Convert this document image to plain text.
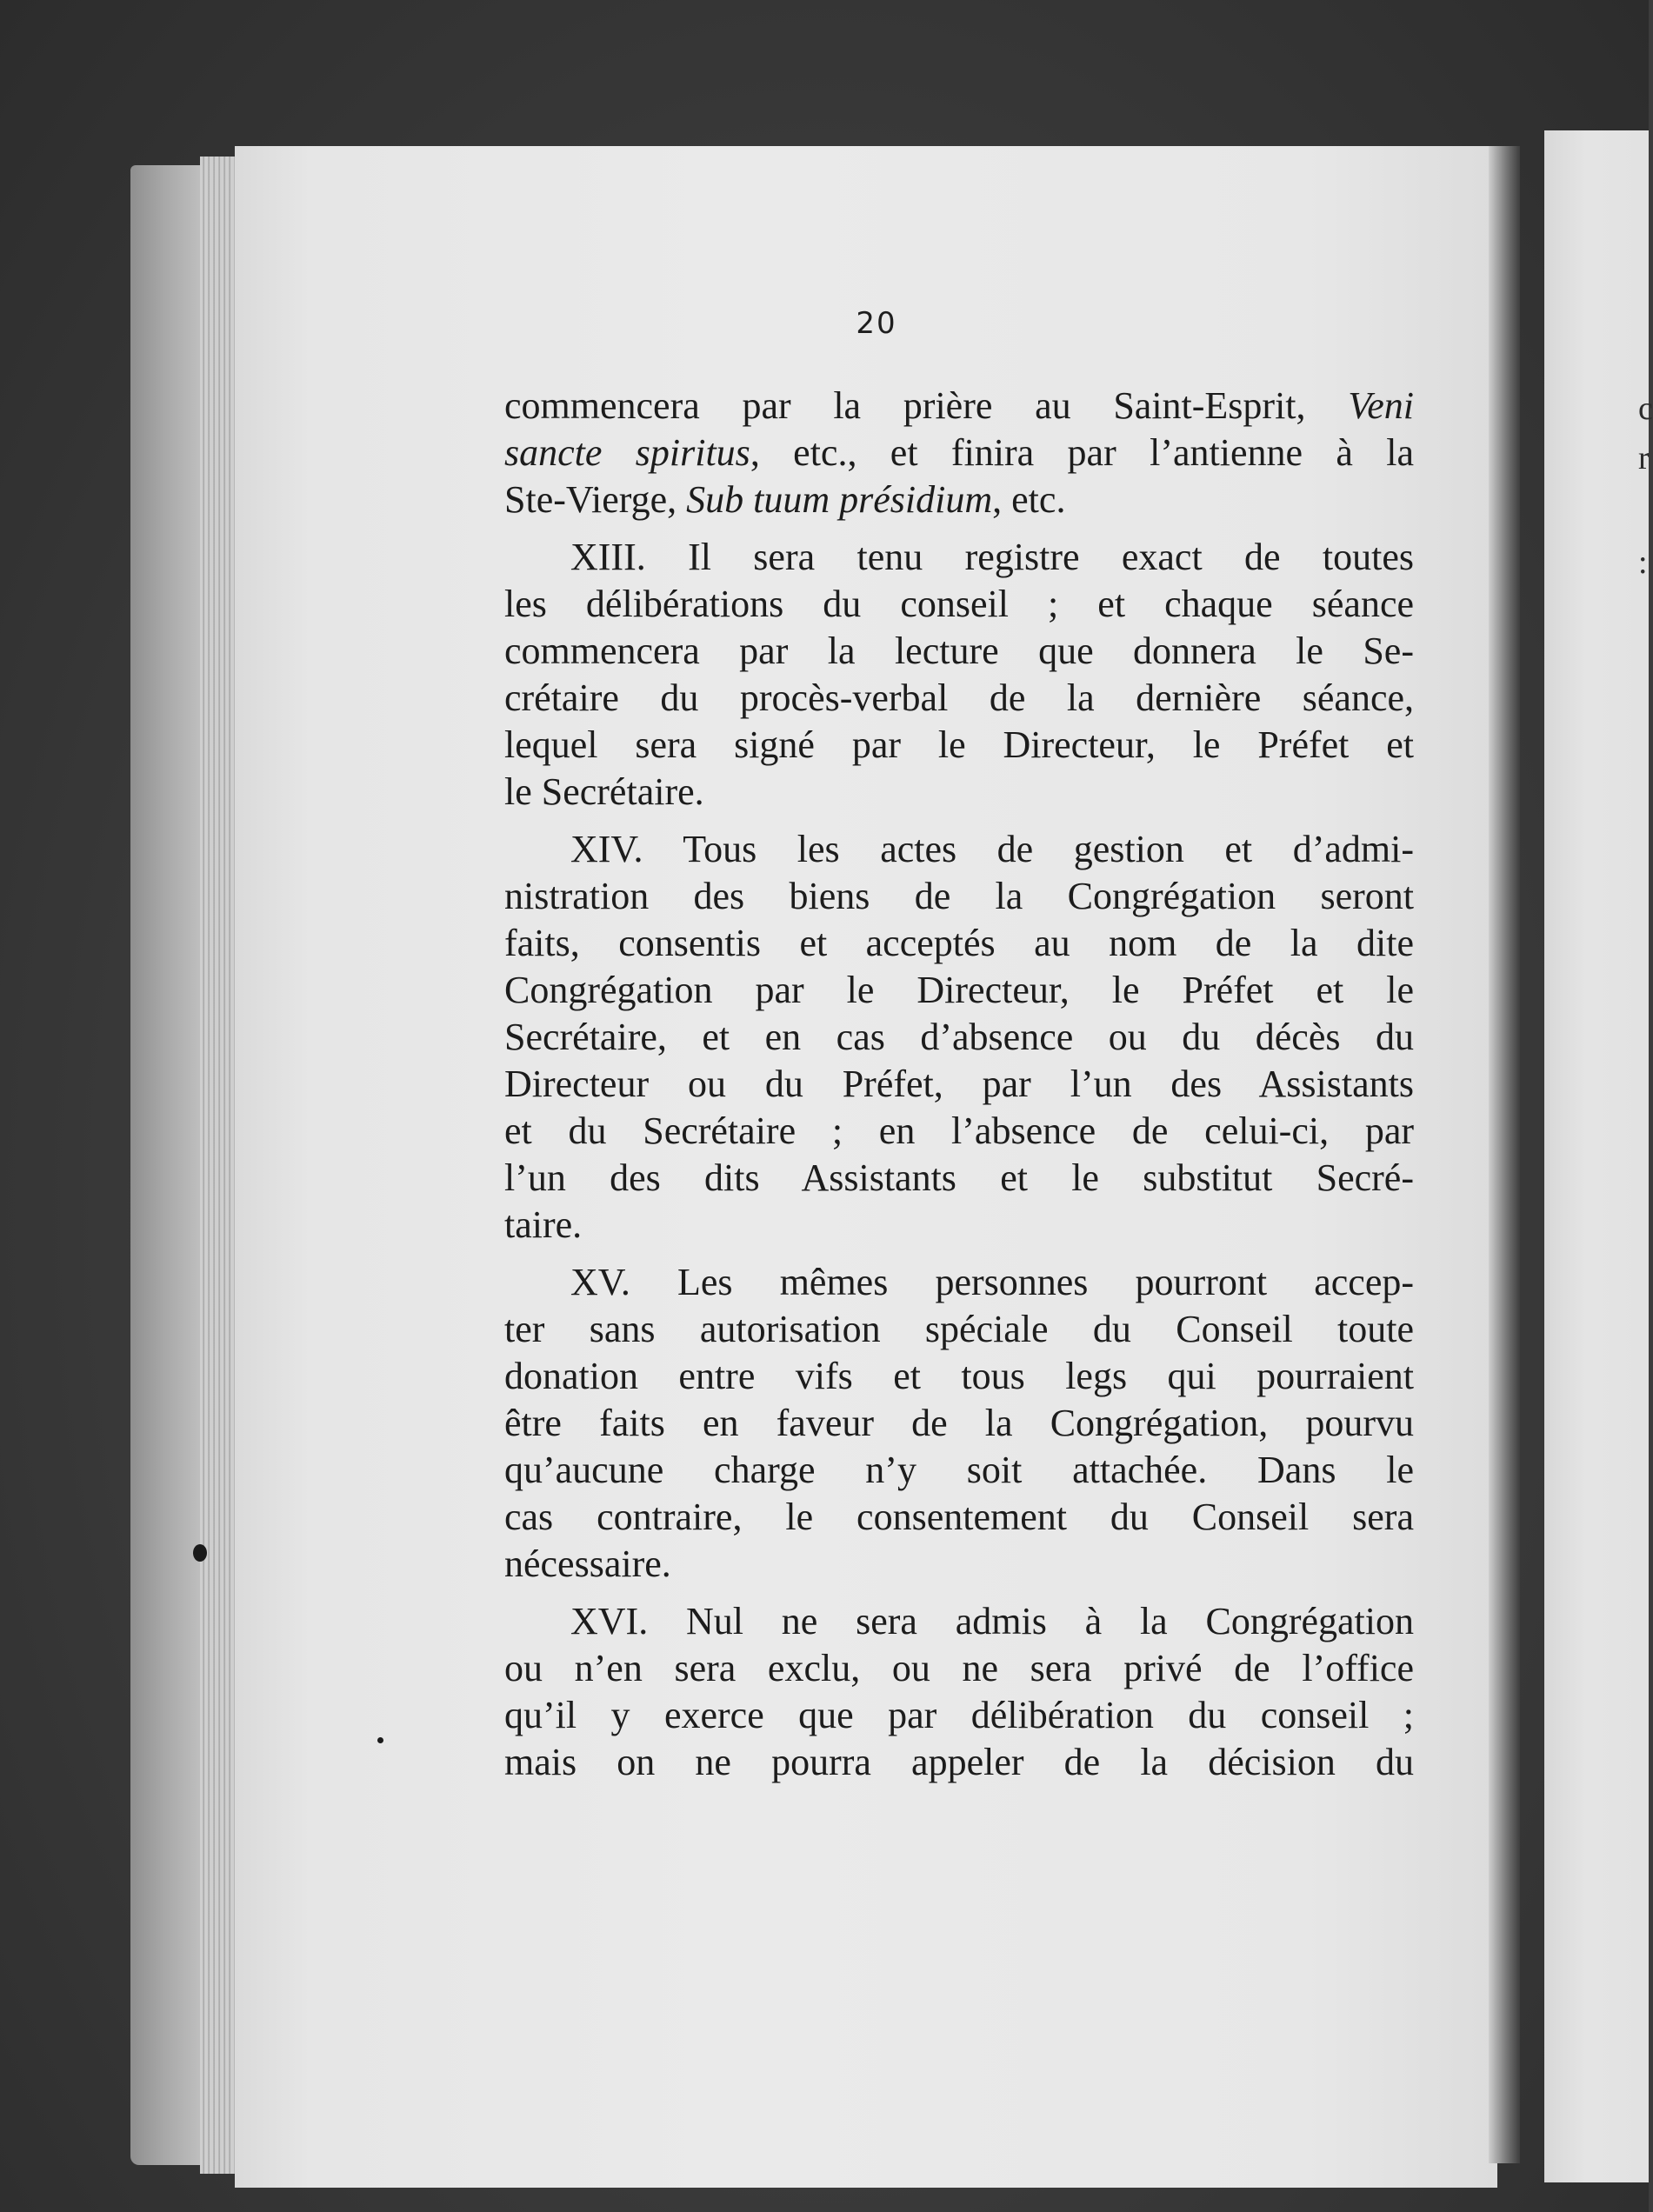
c
r
:
20
commencera par la prière au Saint-Esprit, Veni
sancte spiritus, etc., et finira par l’antienne à la
Ste-Vierge, Sub tuum présidium, etc.
XIII. Il sera tenu registre exact de toutes
les délibérations du conseil ; et chaque séance
commencera par la lecture que donnera le Se-
crétaire du procès-verbal de la dernière séance,
lequel sera signé par le Directeur, le Préfet et
le Secrétaire.
XIV. Tous les actes de gestion et d’admi-
nistration des biens de la Congrégation seront
faits, consentis et acceptés au nom de la dite
Congrégation par le Directeur, le Préfet et le
Secrétaire, et en cas d’absence ou du décès du
Directeur ou du Préfet, par l’un des Assistants
et du Secrétaire ; en l’absence de celui-ci, par
l’un des dits Assistants et le substitut Secré-
taire.
XV. Les mêmes personnes pourront accep-
ter sans autorisation spéciale du Conseil toute
donation entre vifs et tous legs qui pourraient
être faits en faveur de la Congrégation, pourvu
qu’aucune charge n’y soit attachée. Dans le
cas contraire, le consentement du Conseil sera
nécessaire.
XVI. Nul ne sera admis à la Congrégation
ou n’en sera exclu, ou ne sera privé de l’office
qu’il y exerce que par délibération du conseil ;
mais on ne pourra appeler de la décision du
